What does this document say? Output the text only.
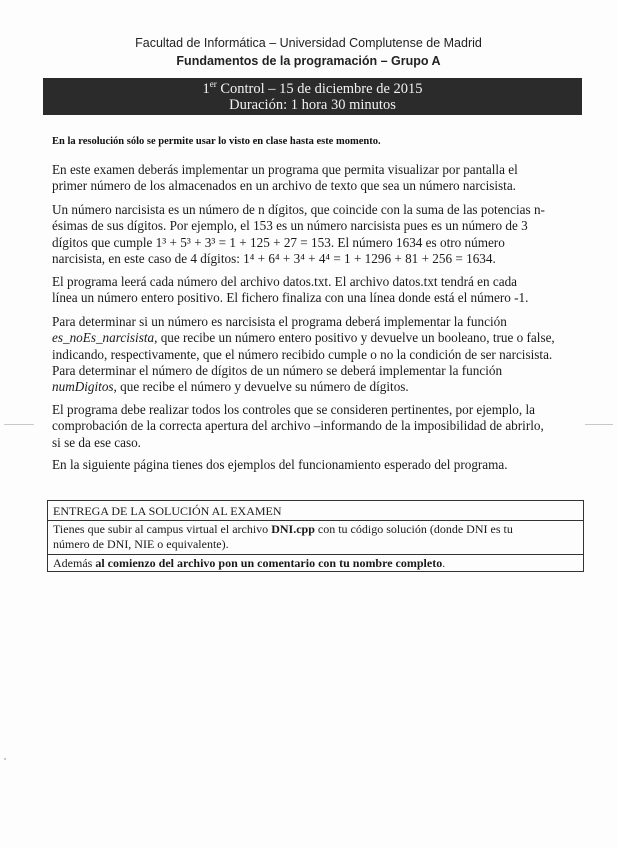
Facultad de Informática – Universidad Complutense de Madrid
Fundamentos de la programación – Grupo A
1er Control – 15 de diciembre de 2015
Duración: 1 hora 30 minutos
En la resolución sólo se permite usar lo visto en clase hasta este momento.
En este examen deberás implementar un programa que permita visualizar por pantalla el
primer número de los almacenados en un archivo de texto que sea un número narcisista.
Un número narcisista es un número de n dígitos, que coincide con la suma de las potencias n-
ésimas de sus dígitos. Por ejemplo, el 153 es un número narcisista pues es un número de 3
dígitos que cumple 1³ + 5³ + 3³ = 1 + 125 + 27 = 153. El número 1634 es otro número
narcisista, en este caso de 4 dígitos: 1⁴ + 6⁴ + 3⁴ + 4⁴ = 1 + 1296 + 81 + 256 = 1634.
El programa leerá cada número del archivo datos.txt. El archivo datos.txt tendrá en cada
línea un número entero positivo. El fichero finaliza con una línea donde está el número -1.
Para determinar si un número es narcisista el programa deberá implementar la función
es_noEs_narcisista, que recibe un número entero positivo y devuelve un booleano, true o false,
indicando, respectivamente, que el número recibido cumple o no la condición de ser narcisista.
Para determinar el número de dígitos de un número se deberá implementar la función
numDigitos, que recibe el número y devuelve su número de dígitos.
El programa debe realizar todos los controles que se consideren pertinentes, por ejemplo, la
comprobación de la correcta apertura del archivo –informando de la imposibilidad de abrirlo,
si se da ese caso.
En la siguiente página tienes dos ejemplos del funcionamiento esperado del programa.
ENTREGA DE LA SOLUCIÓN AL EXAMEN
Tienes que subir al campus virtual el archivo DNI.cpp con tu código solución (donde DNI es tu
número de DNI, NIE o equivalente).
Además al comienzo del archivo pon un comentario con tu nombre completo.
